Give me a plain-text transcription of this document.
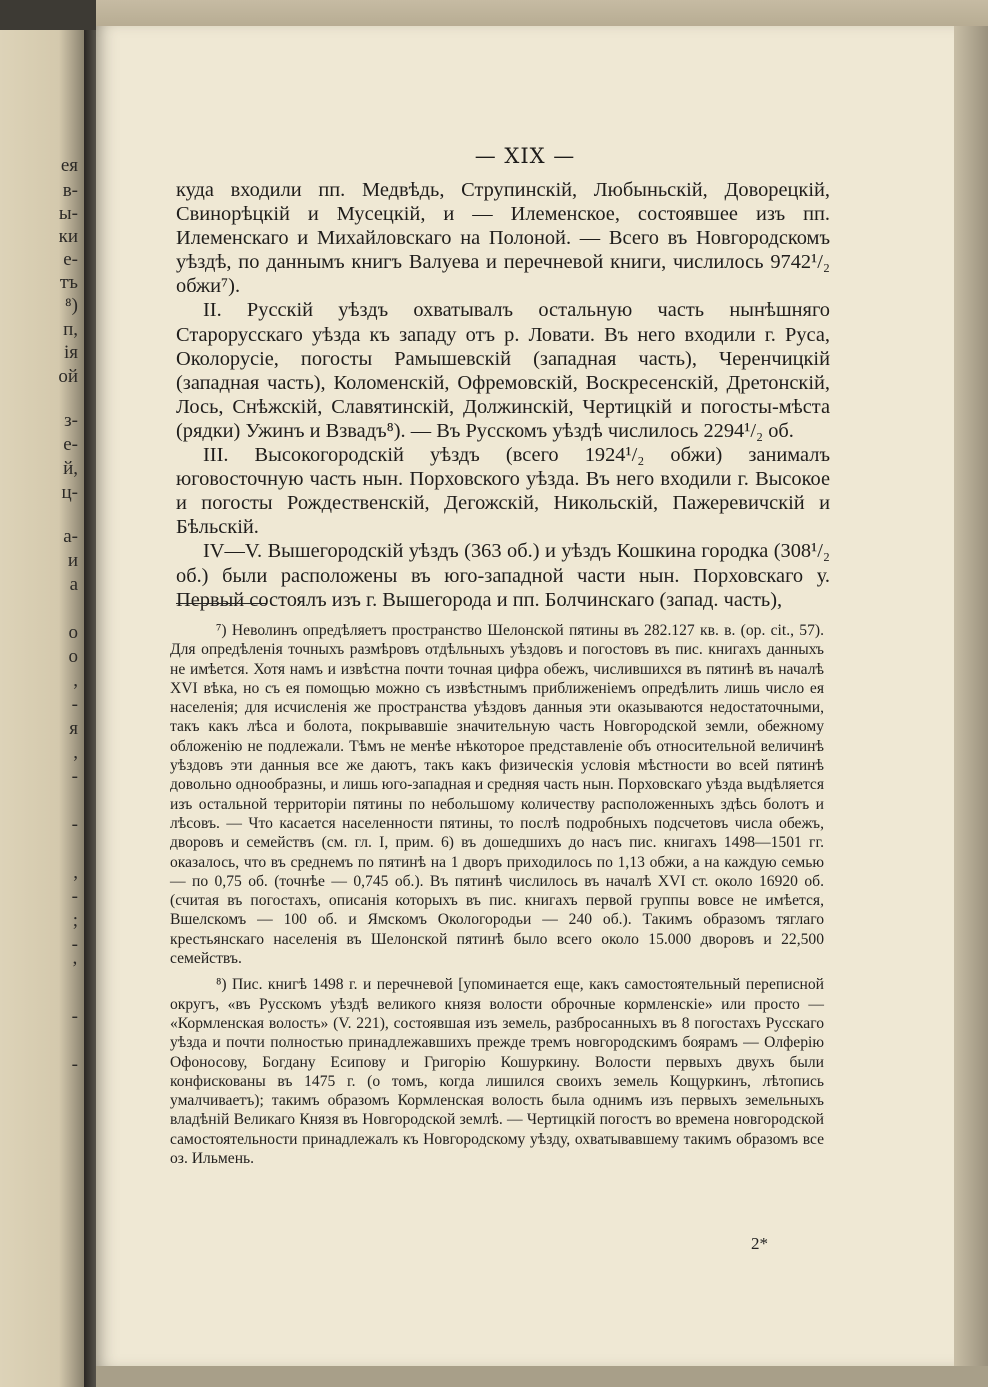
ея
в-
ы-
ки
е-
тъ
⁸)
п,
ія
ой
з-
е-
й,
ц-
а-
и
а
о
о
,
-
я
,
-
-
,
-
;
-
’
-
-
— XIX —

куда входили пп. Медвѣдь, Струпинскій, Любыньскій, Доворецкій, Свинорѣцкій и Мусецкій, и — Илеменское, состоявшее изъ пп. Илеменскаго и Михайловскаго на Полоной. — Всего въ Новгородскомъ уѣздѣ, по даннымъ книгъ Валуева и перечневой книги, числилось 9742¹/₂ обжи⁷).

II. Русскій уѣздъ охватывалъ остальную часть нынѣшняго Старорусскаго уѣзда къ западу отъ р. Ловати. Въ него входили г. Руса, Околорусіе, погосты Рамышевскій (западная часть), Черенчицкій (западная часть), Коломенскій, Офремовскій, Воскресенскій, Дретонскій, Лось, Снѣжскій, Славятинскій, Должинскій, Чертицкій и погосты-мѣста (рядки) Ужинъ и Взвадъ⁸). — Въ Русскомъ уѣздѣ числилось 2294¹/₂ об.

III. Высокогородскій уѣздъ (всего 1924¹/₂ обжи) занималъ юговосточную часть нын. Порховского уѣзда. Въ него входили г. Высокое и погосты Рождественскій, Дегожскій, Никольскій, Пажеревичскій и Бѣльскій.

IV—V. Вышегородскій уѣздъ (363 об.) и уѣздъ Кошкина городка (308¹/₂ об.) были расположены въ юго-западной части нын. Порховскаго у. Первый состоялъ изъ г. Вышегорода и пп. Болчинскаго (запад. часть),

⁷) Неволинъ опредѣляетъ пространство Шелонской пятины въ 282.127 кв. в. (op. cit., 57). Для опредѣленія точныхъ размѣровъ отдѣльныхъ уѣздовъ и погостовъ въ пис. книгахъ данныхъ не имѣется. Хотя намъ и извѣстна почти точная цифра обежъ, числившихся въ пятинѣ въ началѣ XVI вѣка, но съ ея помощью можно съ извѣстнымъ приближеніемъ опредѣлить лишь число ея населенія; для исчисленія же пространства уѣздовъ данныя эти оказываются недостаточными, такъ какъ лѣса и болота, покрывавшіе значительную часть Новгородской земли, обежному обложенію не подлежали. Тѣмъ не менѣе нѣкоторое представленіе объ относительной величинѣ уѣздовъ эти данныя все же даютъ, такъ какъ физическія условія мѣстности во всей пятинѣ довольно однообразны, и лишь юго-западная и средняя часть нын. Порховскаго уѣзда выдѣляется изъ остальной территоріи пятины по небольшому количеству расположенныхъ здѣсь болотъ и лѣсовъ. — Что касается населенности пятины, то послѣ подробныхъ подсчетовъ числа обежъ, дворовъ и семействъ (см. гл. I, прим. 6) въ дошедшихъ до насъ пис. книгахъ 1498—1501 гг. оказалось, что въ среднемъ по пятинѣ на 1 дворъ приходилось по 1,13 обжи, а на каждую семью — по 0,75 об. (точнѣе — 0,745 об.). Въ пятинѣ числилось въ началѣ XVI ст. около 16920 об. (считая въ погостахъ, описанія которыхъ въ пис. книгахъ первой группы вовсе не имѣется, Вшелскомъ — 100 об. и Ямскомъ Окологородьи — 240 об.). Такимъ образомъ тяглаго крестьянскаго населенія въ Шелонской пятинѣ было всего около 15.000 дворовъ и 22,500 семействъ.

⁸) Пис. книгѣ 1498 г. и перечневой [упоминается еще, какъ самостоятельный переписной округъ, «въ Русскомъ уѣздѣ великого князя волости оброчные кормленскіе» или просто — «Кормленская волость» (V. 221), состоявшая изъ земель, разбросанныхъ въ 8 погостахъ Русскаго уѣзда и почти полностью принадлежавшихъ прежде тремъ новгородскимъ боярамъ — Олферію Офоносову, Богдану Есипову и Григорію Кошуркину. Волости первыхъ двухъ были конфискованы въ 1475 г. (о томъ, когда лишился своихъ земель Кощуркинъ, лѣтопись умалчиваетъ); такимъ образомъ Кормленская волость была однимъ изъ первыхъ земельныхъ владѣній Великаго Князя въ Новгородской землѣ. — Чертицкій погостъ во времена новгородской самостоятельности принадлежалъ къ Новгородскому уѣзду, охватывавшему такимъ образомъ все оз. Ильмень.

2*
